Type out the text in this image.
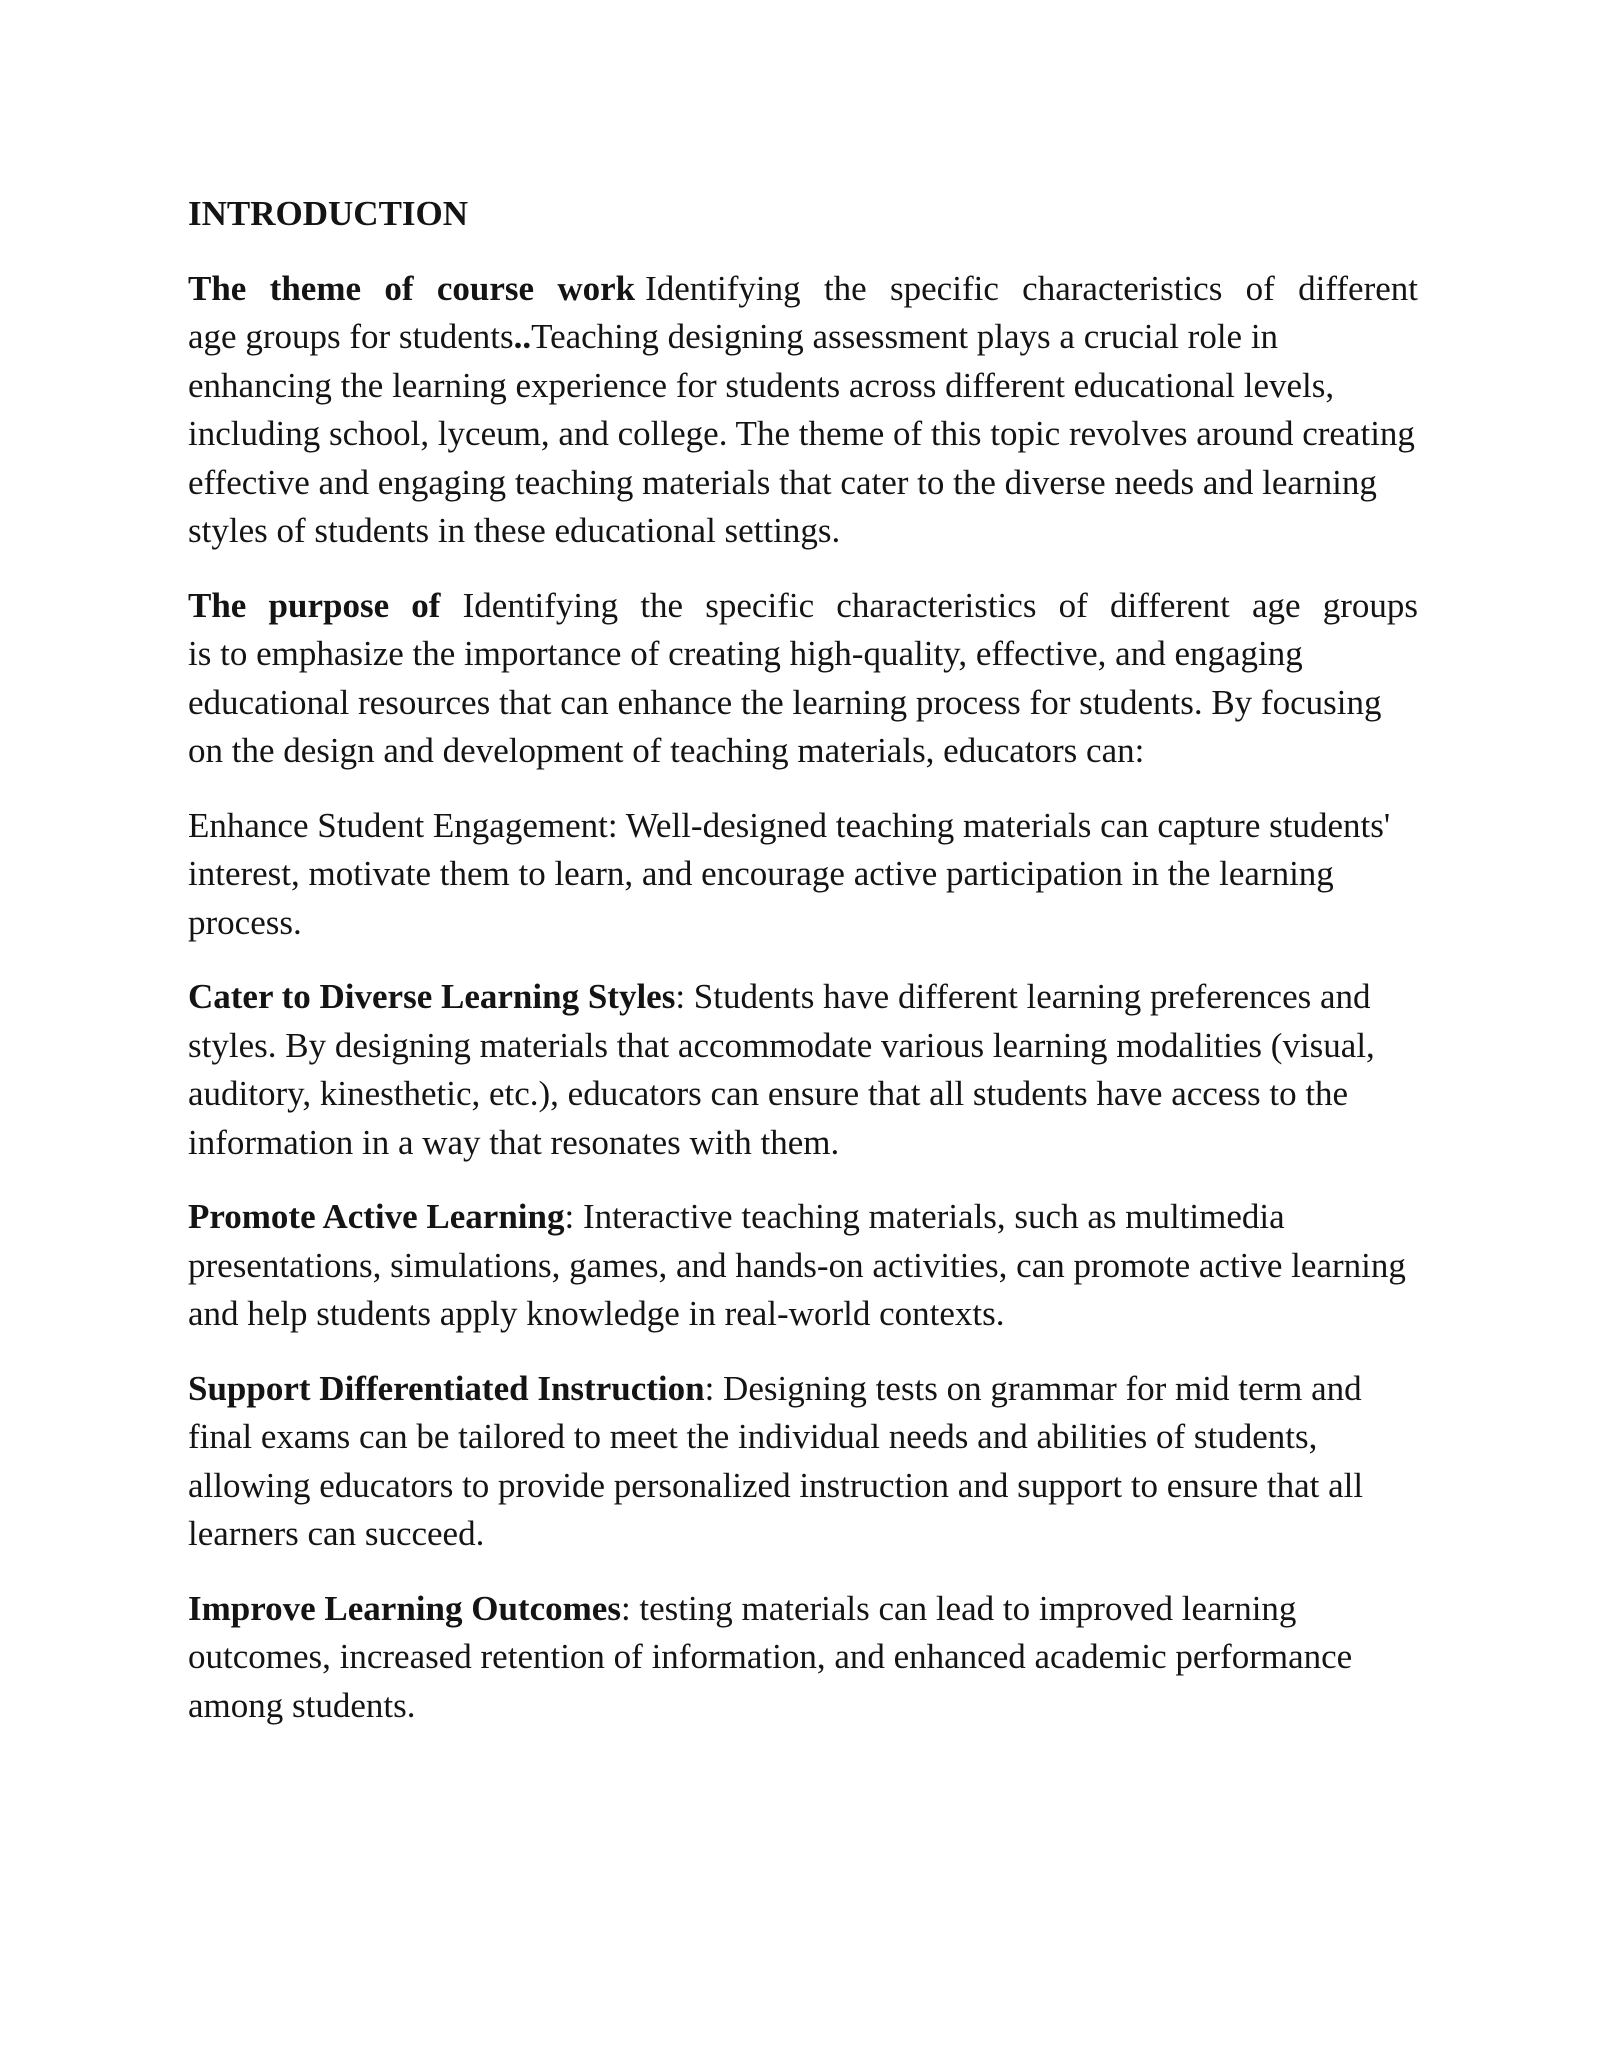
INTRODUCTION
The theme of course work Identifying the specific characteristics of different
age groups for students..Teaching designing assessment plays a crucial role in enhancing the learning experience for students across different educational levels, including school, lyceum, and college. The theme of this topic revolves around creating effective and engaging teaching materials that cater to the diverse needs and learning styles of students in these educational settings.
The purpose of Identifying the specific characteristics of different age groups
is to emphasize the importance of creating high-quality, effective, and engaging educational resources that can enhance the learning process for students. By focusing on the design and development of teaching materials, educators can:
Enhance Student Engagement: Well-designed teaching materials can capture students' interest, motivate them to learn, and encourage active participation in the learning process.
Cater to Diverse Learning Styles: Students have different learning preferences and styles. By designing materials that accommodate various learning modalities (visual, auditory, kinesthetic, etc.), educators can ensure that all students have access to the information in a way that resonates with them.
Promote Active Learning: Interactive teaching materials, such as multimedia presentations, simulations, games, and hands-on activities, can promote active learning and help students apply knowledge in real-world contexts.
Support Differentiated Instruction: Designing tests on grammar for mid term and final exams can be tailored to meet the individual needs and abilities of students, allowing educators to provide personalized instruction and support to ensure that all learners can succeed.
Improve Learning Outcomes: testing materials can lead to improved learning outcomes, increased retention of information, and enhanced academic performance among students.
